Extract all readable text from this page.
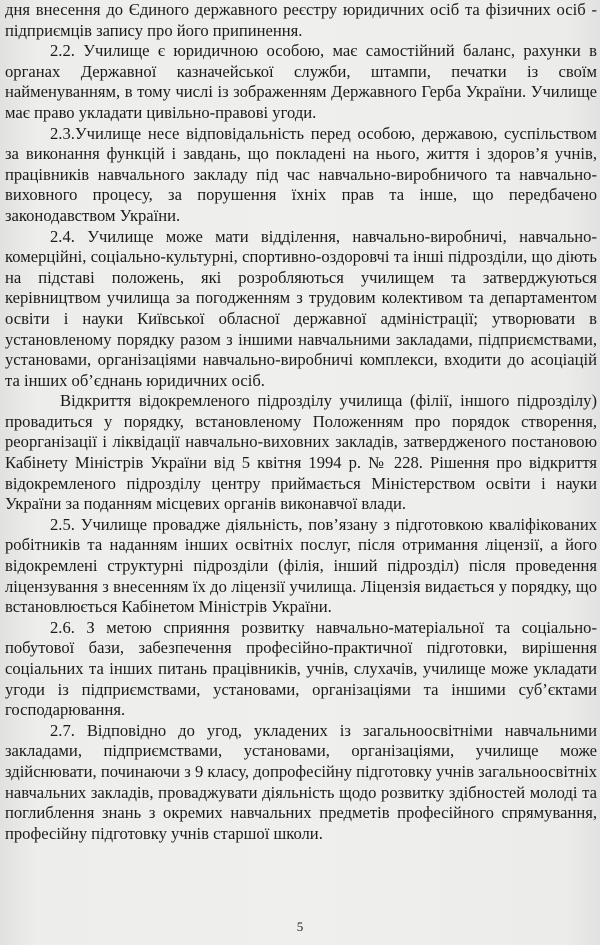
дня внесення до Єдиного державного реєстру юридичних осіб та фізичних осіб - підприємців запису про його припинення.

2.2. Училище є юридичною особою, має самостійний баланс, рахунки в органах Державної казначейської служби, штампи, печатки із своїм найменуванням, в тому числі із зображенням Державного Герба України. Училище має право укладати цивільно-правові угоди.

2.3.Училище несе відповідальність перед особою, державою, суспільством за виконання функцій і завдань, що покладені на нього, життя і здоров’я учнів, працівників навчального закладу під час навчально-виробничого та навчально-виховного процесу, за порушення їхніх прав та інше, що передбачено законодавством України.

2.4. Училище може мати відділення, навчально-виробничі, навчально-комерційні, соціально-культурні, спортивно-оздоровчі та інші підрозділи, що діють на підставі положень, які розробляються училищем та затверджуються керівництвом училища за погодженням з трудовим колективом та департаментом освіти і науки Київської обласної державної адміністрації; утворювати в установленому порядку разом з іншими навчальними закладами, підприємствами, установами, організаціями навчально-виробничі комплекси, входити до асоціацій та інших об’єднань юридичних осіб.

Відкриття відокремленого підрозділу училища (філії, іншого підрозділу) провадиться у порядку, встановленому Положенням про порядок створення, реорганізації і ліквідації навчально-виховних закладів, затвердженого постановою Кабінету Міністрів України від 5 квітня 1994 р. № 228. Рішення про відкриття відокремленого підрозділу центру приймається Міністерством освіти і науки України за поданням місцевих органів виконавчої влади.

2.5. Училище провадже діяльність, пов’язану з підготовкою кваліфікованих робітників та наданням інших освітніх послуг, після отримання ліцензії, а його відокремлені структурні підрозділи (філія, інший підрозділ) після проведення ліцензування з внесенням їх до ліцензії училища. Ліцензія видається у порядку, що встановлюється Кабінетом Міністрів України.

2.6. З метою сприяння розвитку навчально-матеріальної та соціально-побутової бази, забезпечення професійно-практичної підготовки, вирішення соціальних та інших питань працівників, учнів, слухачів, училище може укладати угоди із підприємствами, установами, організаціями та іншими суб’єктами господарювання.

2.7. Відповідно до угод, укладених із загальноосвітніми навчальними закладами, підприємствами, установами, організаціями, училище може здійснювати, починаючи з 9 класу, допрофесійну підготовку учнів загальноосвітніх навчальних закладів, проваджувати діяльність щодо розвитку здібностей молоді та поглиблення знань з окремих навчальних предметів професійного спрямування, професійну підготовку учнів старшої школи.

5
